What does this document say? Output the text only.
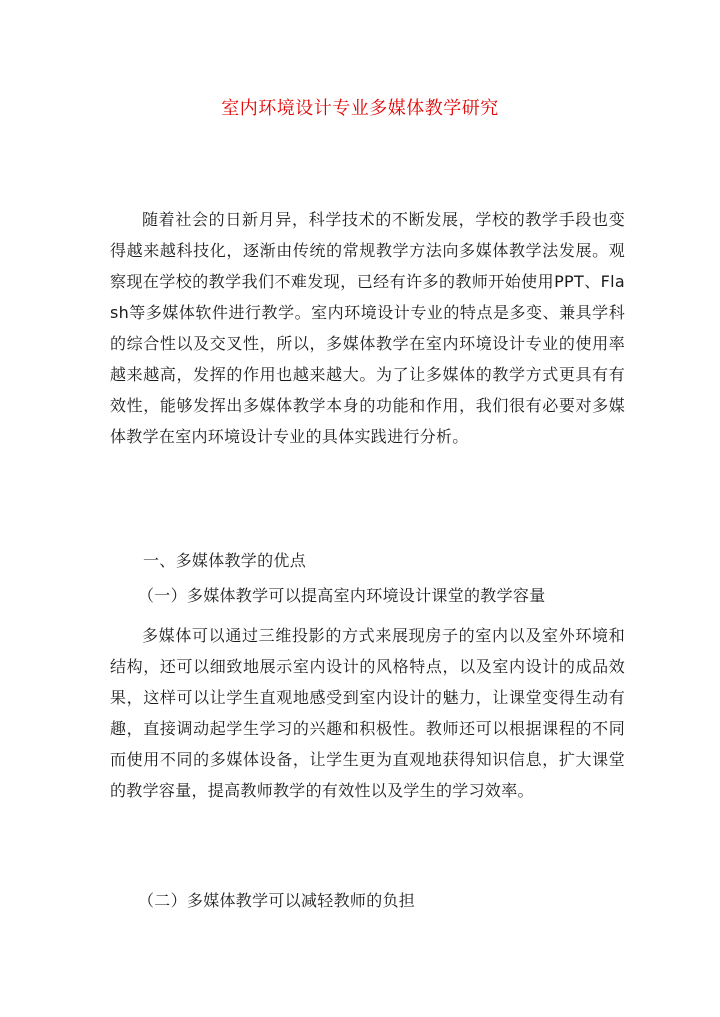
室内环境设计专业多媒体教学研究
随着社会的日新月异，科学技术的不断发展，学校的教学手段也变得越来越科技化，逐渐由传统的常规教学方法向多媒体教学法发展。观察现在学校的教学我们不难发现，已经有许多的教师开始使用PPT、Flash等多媒体软件进行教学。室内环境设计专业的特点是多变、兼具学科的综合性以及交叉性，所以，多媒体教学在室内环境设计专业的使用率越来越高，发挥的作用也越来越大。为了让多媒体的教学方式更具有有效性，能够发挥出多媒体教学本身的功能和作用，我们很有必要对多媒体教学在室内环境设计专业的具体实践进行分析。
一、多媒体教学的优点
（一）多媒体教学可以提高室内环境设计课堂的教学容量
多媒体可以通过三维投影的方式来展现房子的室内以及室外环境和结构，还可以细致地展示室内设计的风格特点，以及室内设计的成品效果，这样可以让学生直观地感受到室内设计的魅力，让课堂变得生动有趣，直接调动起学生学习的兴趣和积极性。教师还可以根据课程的不同而使用不同的多媒体设备，让学生更为直观地获得知识信息，扩大课堂的教学容量，提高教师教学的有效性以及学生的学习效率。
（二）多媒体教学可以减轻教师的负担
